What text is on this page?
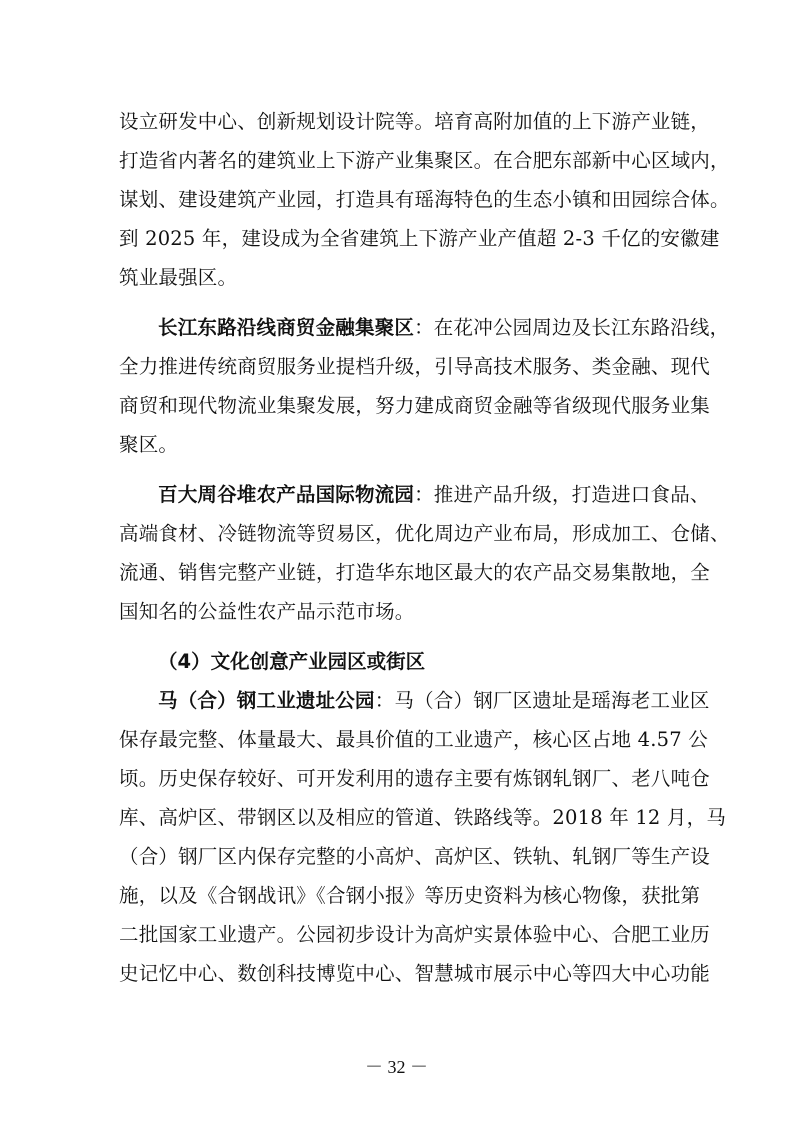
设立研发中心、创新规划设计院等。培育高附加值的上下游产业链，
打造省内著名的建筑业上下游产业集聚区。在合肥东部新中心区域内，
谋划、建设建筑产业园，打造具有瑶海特色的生态小镇和田园综合体。
到 2025 年，建设成为全省建筑上下游产业产值超 2-3 千亿的安徽建
筑业最强区。
长江东路沿线商贸金融集聚区：在花冲公园周边及长江东路沿线，
全力推进传统商贸服务业提档升级，引导高技术服务、类金融、现代
商贸和现代物流业集聚发展，努力建成商贸金融等省级现代服务业集
聚区。
百大周谷堆农产品国际物流园：推进产品升级，打造进口食品、
高端食材、冷链物流等贸易区，优化周边产业布局，形成加工、仓储、
流通、销售完整产业链，打造华东地区最大的农产品交易集散地，全
国知名的公益性农产品示范市场。
（4）文化创意产业园区或街区
马（合）钢工业遗址公园：马（合）钢厂区遗址是瑶海老工业区
保存最完整、体量最大、最具价值的工业遗产，核心区占地 4.57 公
顷。历史保存较好、可开发利用的遗存主要有炼钢轧钢厂、老八吨仓
库、高炉区、带钢区以及相应的管道、铁路线等。2018 年 12 月，马
（合）钢厂区内保存完整的小高炉、高炉区、铁轨、轧钢厂等生产设
施，以及《合钢战讯》《合钢小报》等历史资料为核心物像，获批第
二批国家工业遗产。公园初步设计为高炉实景体验中心、合肥工业历
史记忆中心、数创科技博览中心、智慧城市展示中心等四大中心功能
－ 32 －
